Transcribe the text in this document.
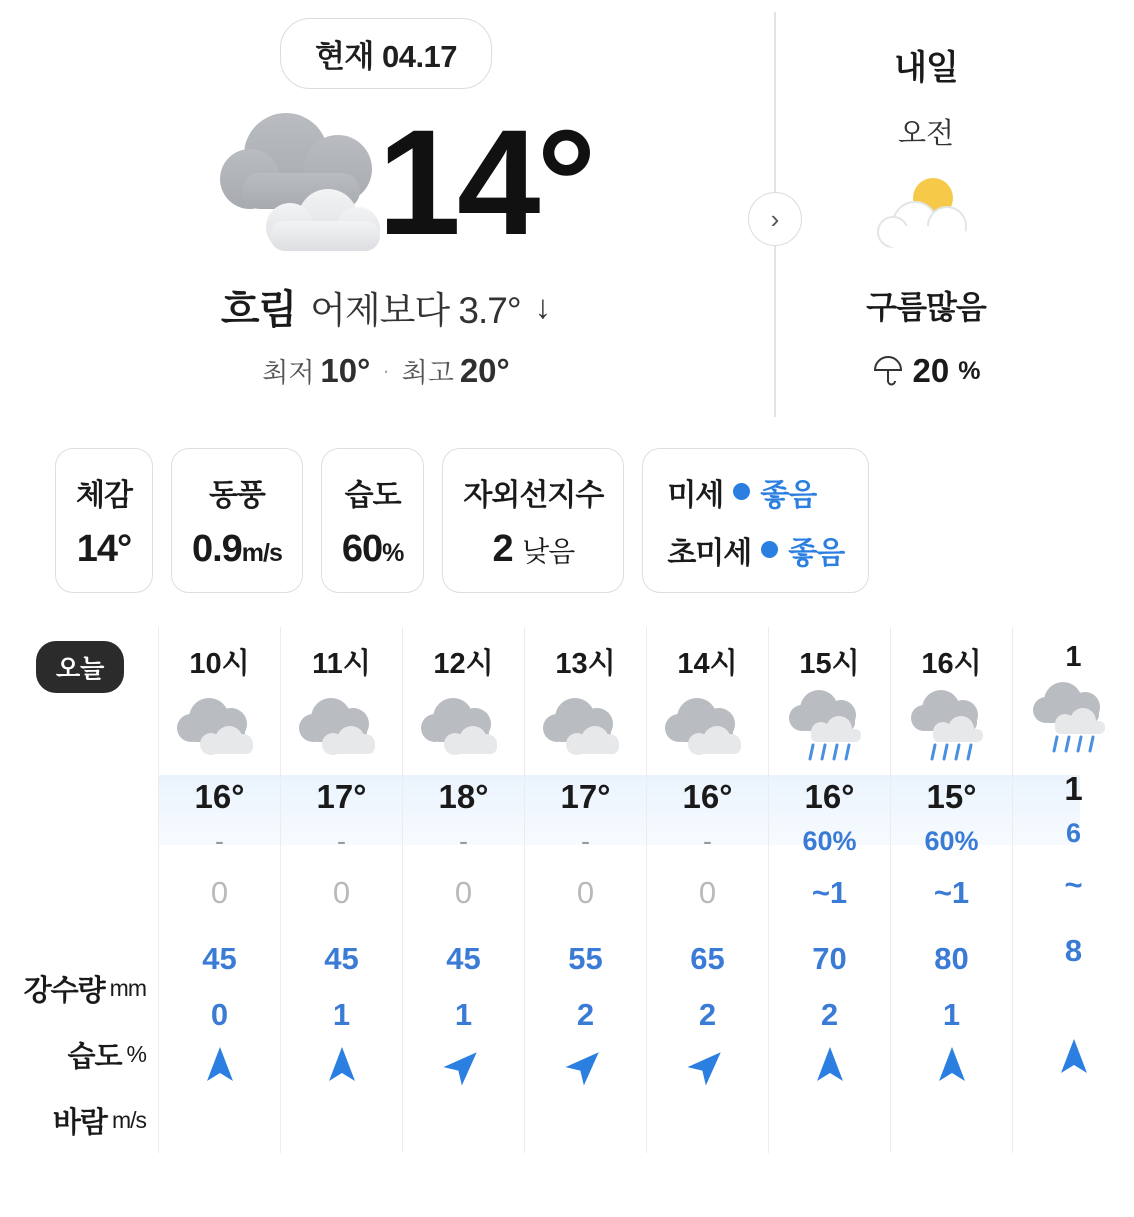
현재 04.17
14°
흐림 어제보다 3.7° ↓
최저 10° · 최고 20°
›
내일
오전
구름많음
20 %
체감
14°
동풍
0.9m/s
습도
60%
자외선지수
2 낮음
미세 좋음
초미세 좋음
오늘
강수량 mm
습도 %
바람 m/s
10시
16°
-
0
45
0
11시
17°
-
0
45
1
12시
18°
-
0
45
1
13시
17°
-
0
55
2
14시
16°
-
0
65
2
15시
16°
60%
~1
70
2
16시
15°
60%
~1
80
1
1
1
6
~
8
